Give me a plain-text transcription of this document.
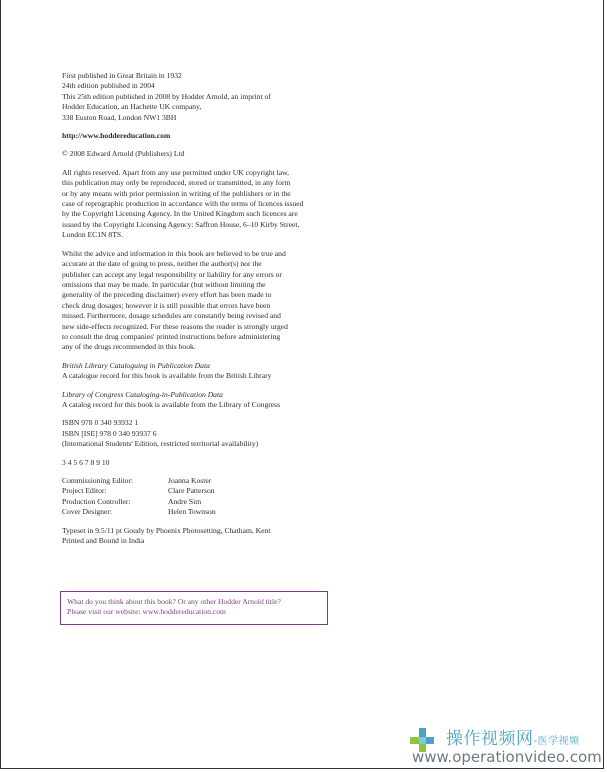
First published in Great Britain in 1932
24th edition published in 2004
This 25th edition published in 2008 by Hodder Arnold, an imprint of
Hodder Education, an Hachette UK company,
338 Euston Road, London NW1 3BH
http://www.hoddereducation.com
© 2008 Edward Arnold (Publishers) Ltd
All rights reserved. Apart from any use permitted under UK copyright law,
this publication may only be reproduced, stored or transmitted, in any form
or by any means with prior permission in writing of the publishers or in the
case of reprographic production in accordance with the terms of licences issued
by the Copyright Licensing Agency. In the United Kingdom such licences are
issued by the Copyright Licensing Agency: Saffron House, 6–10 Kirby Street,
London EC1N 8TS.
Whilst the advice and information in this book are believed to be true and
accurate at the date of going to press, neither the author(s) nor the
publisher can accept any legal responsibility or liability for any errors or
omissions that may be made. In particular (but without limiting the
generality of the preceding disclaimer) every effort has been made to
check drug dosages; however it is still possible that errors have been
missed. Furthermore, dosage schedules are constantly being revised and
new side-effects recognized. For these reasons the reader is strongly urged
to consult the drug companies' printed instructions before administering
any of the drugs recommended in this book.
British Library Cataloguing in Publication Data
A catalogue record for this book is available from the British Library
Library of Congress Cataloging-in-Publication Data
A catalog record for this book is available from the Library of Congress
ISBN 978 0 340 93932 1
ISBN [ISE] 978 0 340 93937 6
(International Students' Edition, restricted territorial availability)
3 4 5 6 7 8 9 10
Commissioning Editor:	Joanna Koster
Project Editor:	Clare Patterson
Production Controller:	Andre Sim
Cover Designer:	Helen Townson
Typeset in 9.5/11 pt Goudy by Phoenix Photosetting, Chatham, Kent
Printed and Bound in India
What do you think about this book? Or any other Hodder Arnold title?
Please visit our website: www.hoddereducation.com
操作视频网-医学视频
www.operationvideo.com
